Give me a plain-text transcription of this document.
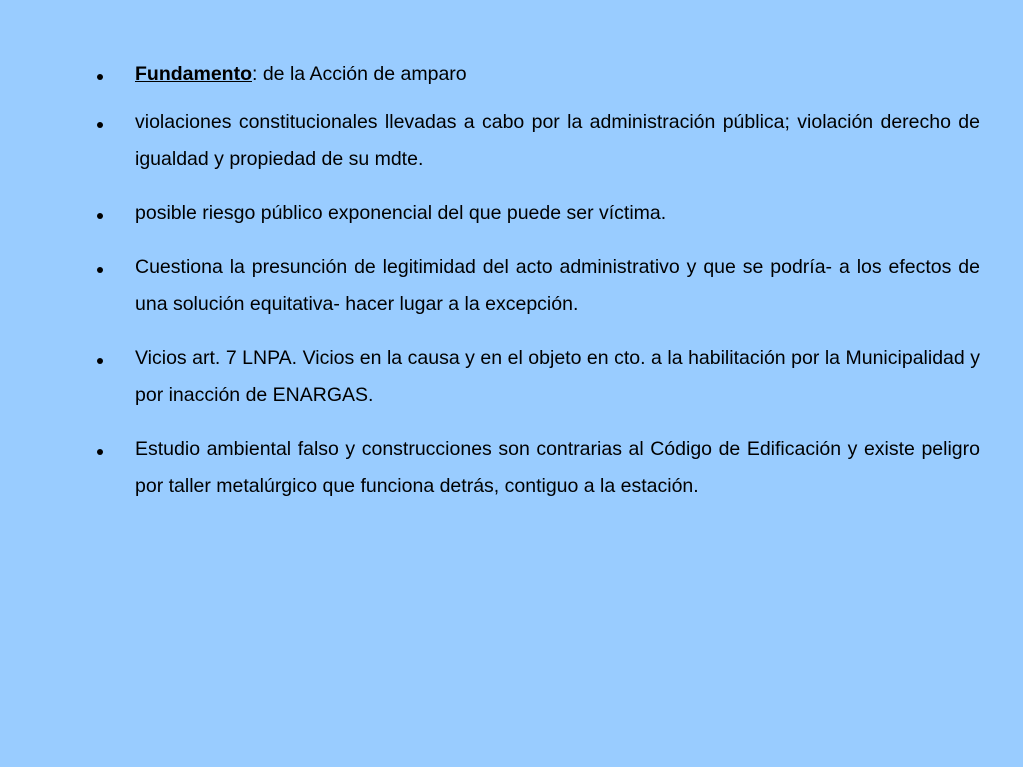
Fundamento: de la Acción de amparo
violaciones constitucionales llevadas a cabo por la administración pública; violación derecho de igualdad y propiedad de su mdte.
posible riesgo público exponencial del que puede ser víctima.
Cuestiona la presunción de legitimidad del acto administrativo y que se podría- a los efectos de una solución equitativa- hacer lugar a la excepción.
Vicios art. 7 LNPA. Vicios en la causa y en el objeto en cto. a la habilitación por la Municipalidad y por inacción de ENARGAS.
Estudio ambiental falso y construcciones son contrarias al Código de Edificación y existe peligro por taller metalúrgico que funciona detrás, contiguo a la estación.
